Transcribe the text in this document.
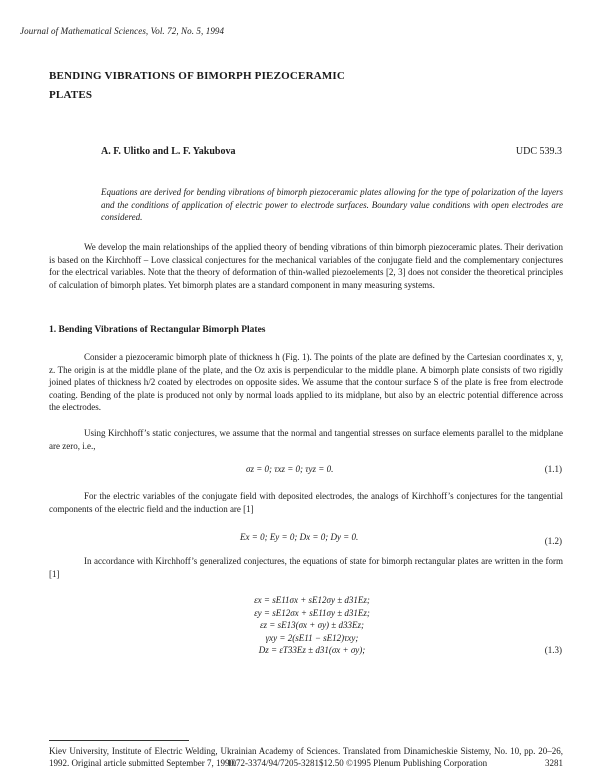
Journal of Mathematical Sciences, Vol. 72, No. 5, 1994
BENDING VIBRATIONS OF BIMORPH PIEZOCERAMIC
PLATES
A. F. Ulitko and L. F. Yakubova	UDC 539.3
Equations are derived for bending vibrations of bimorph piezoceramic plates allowing for the type of polarization of the layers and the conditions of application of electric power to electrode surfaces. Boundary value conditions with open electrodes are considered.

We develop the main relationships of the applied theory of bending vibrations of thin bimorph piezoceramic plates. Their derivation is based on the Kirchhoff – Love classical conjectures for the mechanical variables of the conjugate field and the complementary conjectures for the electrical variables. Note that the theory of deformation of thin-walled piezoelements [2, 3] does not consider the theoretical principles of calculation of bimorph plates. Yet bimorph plates are a standard component in many measuring systems.

1. Bending Vibrations of Rectangular Bimorph Plates

Consider a piezoceramic bimorph plate of thickness h (Fig. 1). The points of the plate are defined by the Cartesian coordinates x, y, z. The origin is at the middle plane of the plate, and the Oz axis is perpendicular to the middle plane. A bimorph plate consists of two rigidly joined plates of thickness h/2 coated by electrodes on opposite sides. We assume that the contour surface S of the plate is free from electrode coating. Bending of the plate is produced not only by normal loads applied to its midplane, but also by an electric potential difference across the electrodes.

Using Kirchhoff’s static conjectures, we assume that the normal and tangential stresses on surface elements parallel to the midplane are zero, i.e.,

σz = 0; τxz = 0; τyz = 0.	(1.1)

For the electric variables of the conjugate field with deposited electrodes, the analogs of Kirchhoff’s conjectures for the tangential components of the electric field and the induction are [1]

Ex = 0; Ey = 0; Dx = 0; Dy = 0.	(1.2)

In accordance with Kirchhoff’s generalized conjectures, the equations of state for bimorph rectangular plates are written in the form [1]

εx = sE11σx + sE12σy ± d31Ez;
εy = sE12σx + sE11σy ± d31Ez;
εz = sE13(σx + σy) ± d33Ez;
γxy = 2(sE11 − sE12)τxy;
Dz = εT33Ez ± d31(σx + σy);	(1.3)
Kiev University, Institute of Electric Welding, Ukrainian Academy of Sciences. Translated from Dinamicheskie Sistemy, No. 10, pp. 20–26, 1992. Original article submitted September 7, 1990.
1072-3374/94/7205-3281$12.50 ©1995 Plenum Publishing Corporation	3281
